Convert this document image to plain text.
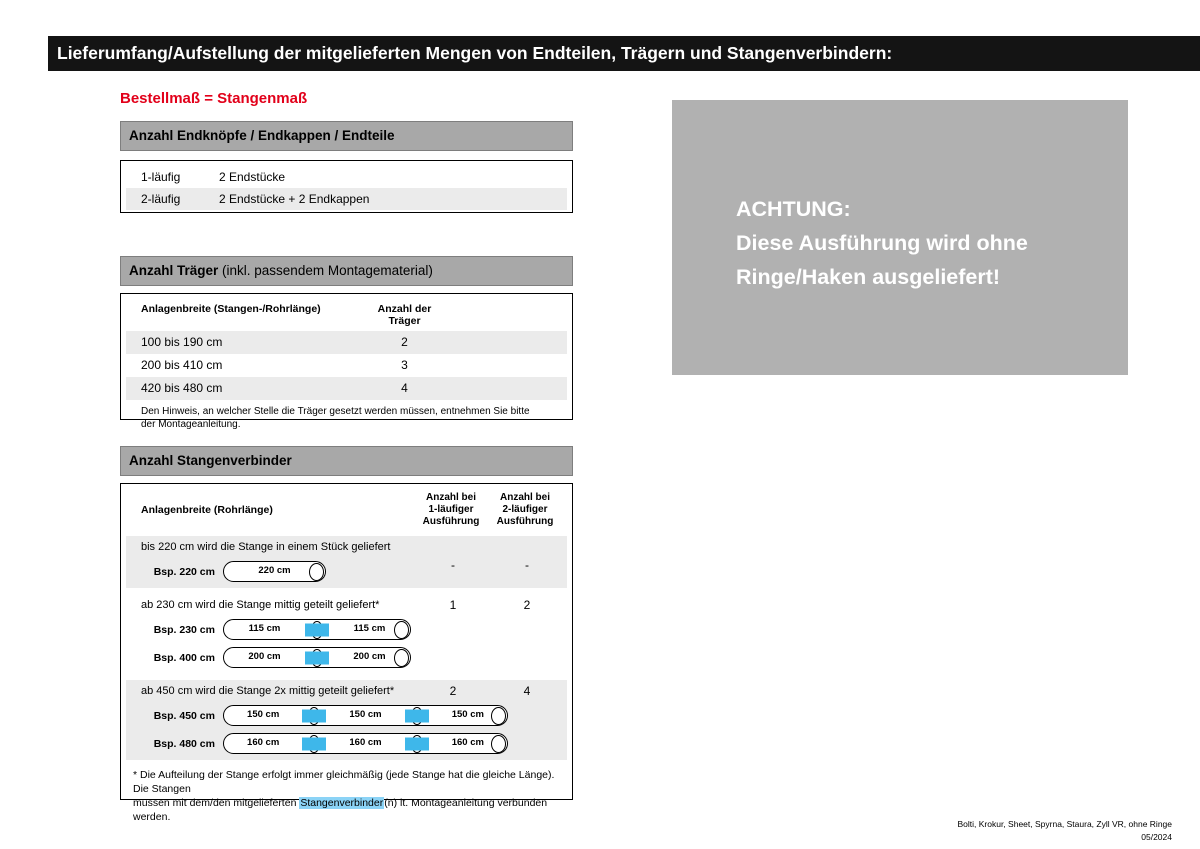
Lieferumfang/Aufstellung der mitgelieferten Mengen von Endteilen, Trägern und Stangenverbindern:
Bestellmaß = Stangenmaß
Anzahl Endknöpfe / Endkappen / Endteile
1-läufig	2 Endstücke
2-läufig	2 Endstücke + 2 Endkappen
Anzahl Träger (inkl. passendem Montagematerial)
Anlagenbreite (Stangen-/Rohrlänge)	Anzahl der Träger
100 bis 190 cm	2
200 bis 410 cm	3
420 bis 480 cm	4
Den Hinweis, an welcher Stelle die Träger gesetzt werden müssen, entnehmen Sie bitte
der Montageanleitung.
Anzahl Stangenverbinder
Anlagenbreite (Rohrlänge)
Anzahl bei
1-läufiger
Ausführung
Anzahl bei
2-läufiger
Ausführung
bis 220 cm wird die Stange in einem Stück geliefert
-	-
Bsp. 220 cm	220 cm
ab 230 cm wird die Stange mittig geteilt geliefert*	1	2
Bsp. 230 cm	115 cm	115 cm
Bsp. 400 cm	200 cm	200 cm
ab 450 cm wird die Stange 2x mittig geteilt geliefert*	2	4
Bsp. 450 cm	150 cm	150 cm	150 cm
Bsp. 480 cm	160 cm	160 cm	160 cm
* Die Aufteilung der Stange erfolgt immer gleichmäßig (jede Stange hat die gleiche Länge). Die Stangen
müssen mit dem/den mitgelieferten Stangenverbinder(n) lt. Montageanleitung verbunden werden.
ACHTUNG:
Diese Ausführung wird ohne
Ringe/Haken ausgeliefert!
Bolti, Krokur, Sheet, Spyrna, Staura, Zyll VR, ohne Ringe
05/2024
